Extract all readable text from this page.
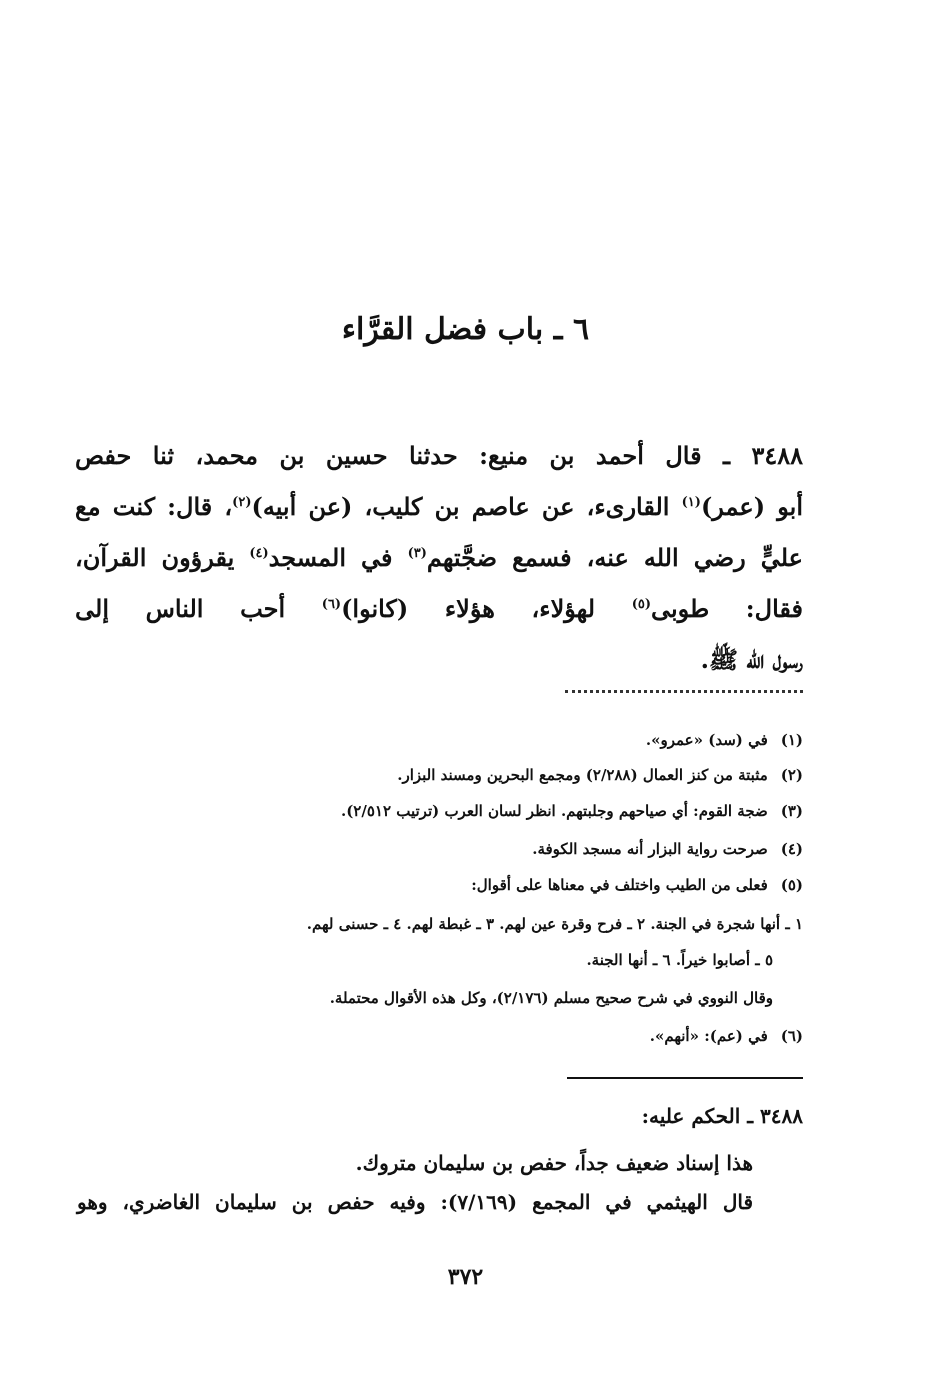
٦ ـ باب فضل القرَّاء

٣٤٨٨ ـ قال أحمد بن منيع: حدثنا حسين بن محمد، ثنا حفص

أبو (عمر)$^{(١)}$ القارىء، عن عاصم بن كليب، (عن أبيه)$^{(٢)}$، قال: كنت مع

عليٍّ رضي الله عنه، فسمع ضجَّتهم$^{(٣)}$ في المسجد$^{(٤)}$ يقرؤون القرآن،

فقال: طوبى$^{(٥)}$ لهؤلاء، هؤلاء (كانوا)$^{(٦)}$ أحب الناس إلى

رسول الله ﷺ.

(١) في (سد) «عمرو».
(٢) مثبتة من كنز العمال (٢/٢٨٨) ومجمع البحرين ومسند البزار.
(٣) ضجة القوم: أي صياحهم وجلبتهم. انظر لسان العرب (ترتيب ٢/٥١٢).
(٤) صرحت رواية البزار أنه مسجد الكوفة.
(٥) فعلى من الطيب واختلف في معناها على أقوال:
١ ـ أنها شجرة في الجنة. ٢ ـ فرح وقرة عين لهم. ٣ ـ غبطة لهم. ٤ ـ حسنى لهم.
٥ ـ أصابوا خيراً. ٦ ـ أنها الجنة.
وقال النووي في شرح صحيح مسلم (٢/١٧٦)، وكل هذه الأقوال محتملة.
(٦) في (عم): «أنهم».
٣٤٨٨ ـ الحكم عليه:
هذا إسناد ضعيف جداً، حفص بن سليمان متروك.
قال الهيثمي في المجمع (٧/١٦٩): وفيه حفص بن سليمان الغاضري، وهو
٣٧٢
